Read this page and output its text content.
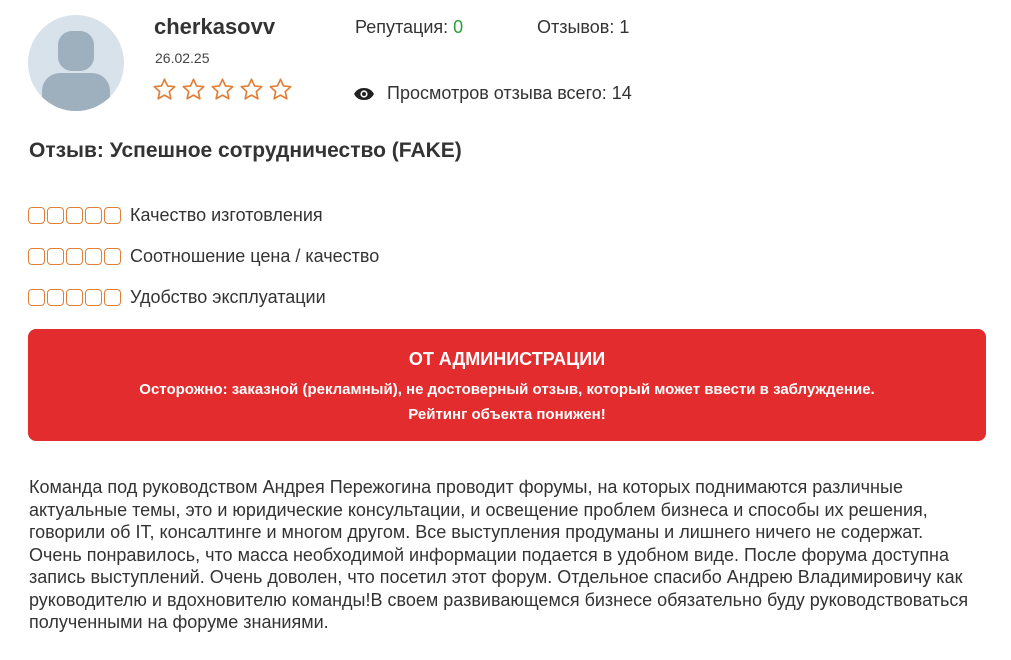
cherkasovv
26.02.25
Репутация: 0	Отзывов: 1
Просмотров отзыва всего: 14
Отзыв: Успешное сотрудничество (FAKE)
Качество изготовления
Соотношение цена / качество
Удобство эксплуатации
ОТ АДМИНИСТРАЦИИ
Осторожно: заказной (рекламный), не достоверный отзыв, который может ввести в заблуждение.
Рейтинг объекта понижен!
Команда под руководством Андрея Пережогина проводит форумы, на которых поднимаются различные актуальные темы, это и юридические консультации, и освещение проблем бизнеса и способы их решения, говорили об IT, консалтинге и многом другом. Все выступления продуманы и лишнего ничего не содержат. Очень понравилось, что масса необходимой информации подается в удобном виде. После форума доступна запись выступлений. Очень доволен, что посетил этот форум. Отдельное спасибо Андрею Владимировичу как руководителю и вдохновителю команды!В своем развивающемся бизнесе обязательно буду руководствоваться полученными на форуме знаниями.
